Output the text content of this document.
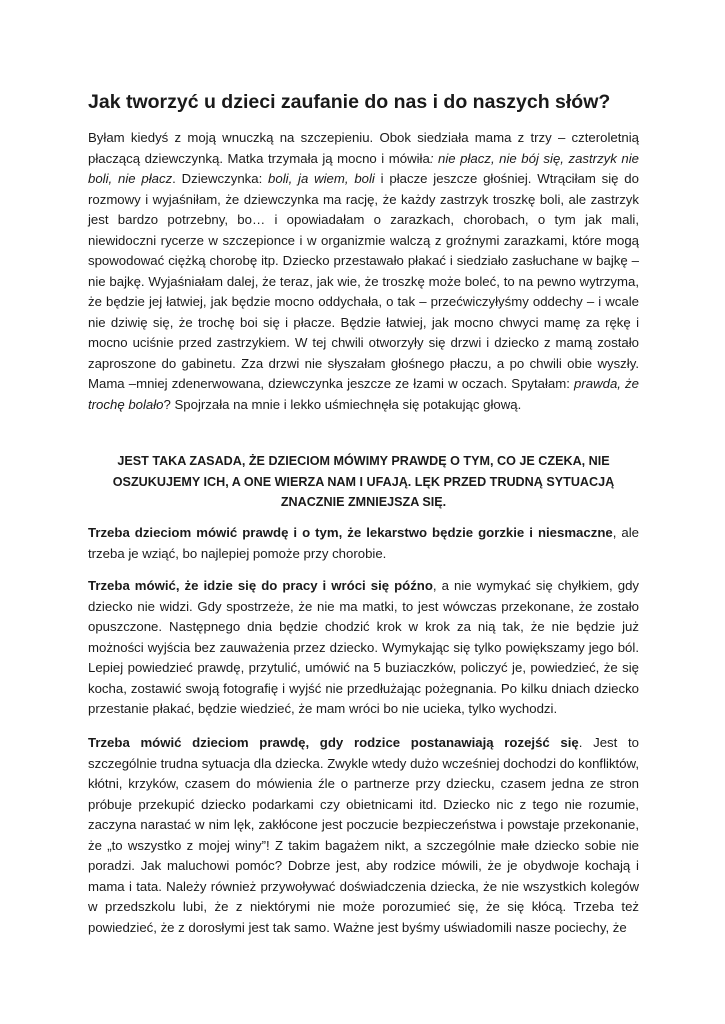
Jak tworzyć u dzieci zaufanie do nas i do naszych słów?
Byłam kiedyś z moją wnuczką na szczepieniu. Obok siedziała mama z trzy – czteroletnią płaczącą dziewczynką. Matka trzymała ją mocno i mówiła: nie płacz, nie bój się, zastrzyk nie boli, nie płacz. Dziewczynka: boli, ja wiem, boli i płacze jeszcze głośniej. Wtrąciłam się do rozmowy i wyjaśniłam, że dziewczynka ma rację, że każdy zastrzyk troszkę boli, ale zastrzyk jest bardzo potrzebny, bo… i opowiadałam o zarazkach, chorobach, o tym jak mali, niewidoczni rycerze w szczepionce i w organizmie walczą z groźnymi zarazkami, które mogą spowodować ciężką chorobę itp. Dziecko przestawało płakać i siedziało zasłuchane w bajkę – nie bajkę. Wyjaśniałam dalej, że teraz, jak wie, że troszkę może boleć, to na pewno wytrzyma, że będzie jej łatwiej, jak będzie mocno oddychała, o tak – przećwiczyłyśmy oddechy – i wcale nie dziwię się, że trochę boi się i płacze. Będzie łatwiej, jak mocno chwyci mamę za rękę i mocno uciśnie przed zastrzykiem. W tej chwili otworzyły się drzwi i dziecko z mamą zostało zaproszone do gabinetu. Zza drzwi nie słyszałam głośnego płaczu, a po chwili obie wyszły. Mama –mniej zdenerwowana, dziewczynka jeszcze ze łzami w oczach. Spytałam: prawda, że trochę bolało? Spojrzała na mnie i lekko uśmiechnęła się potakując głową.
JEST TAKA ZASADA, ŻE DZIECIOM MÓWIMY PRAWDĘ O TYM, CO JE CZEKA, NIE OSZUKUJEMY ICH, A ONE WIERZA NAM I UFAJĄ. LĘK PRZED TRUDNĄ SYTUACJĄ ZNACZNIE ZMNIEJSZA SIĘ.
Trzeba dzieciom mówić prawdę i o tym, że lekarstwo będzie gorzkie i niesmaczne, ale trzeba je wziąć, bo najlepiej pomoże przy chorobie.
Trzeba mówić, że idzie się do pracy i wróci się późno, a nie wymykać się chyłkiem, gdy dziecko nie widzi. Gdy spostrzeże, że nie ma matki, to jest wówczas przekonane, że zostało opuszczone. Następnego dnia będzie chodzić krok w krok za nią tak, że nie będzie już możności wyjścia bez zauważenia przez dziecko. Wymykając się tylko powiększamy jego ból. Lepiej powiedzieć prawdę, przytulić, umówić na 5 buziaczków, policzyć je, powiedzieć, że się kocha, zostawić swoją fotografię i wyjść nie przedłużając pożegnania. Po kilku dniach dziecko przestanie płakać, będzie wiedzieć, że mam wróci bo nie ucieka, tylko wychodzi.
Trzeba mówić dzieciom prawdę, gdy rodzice postanawiają rozejść się. Jest to szczególnie trudna sytuacja dla dziecka. Zwykle wtedy dużo wcześniej dochodzi do konfliktów, kłótni, krzyków, czasem do mówienia źle o partnerze przy dziecku, czasem jedna ze stron próbuje przekupić dziecko podarkami czy obietnicami itd. Dziecko nic z tego nie rozumie, zaczyna narastać w nim lęk, zakłócone jest poczucie bezpieczeństwa i powstaje przekonanie, że „to wszystko z mojej winy”! Z takim bagażem nikt, a szczególnie małe dziecko sobie nie poradzi. Jak maluchowi pomóc? Dobrze jest, aby rodzice mówili, że je obydwoje kochają i mama i tata. Należy również przywoływać doświadczenia dziecka, że nie wszystkich kolegów w przedszkolu lubi, że z niektórymi nie może porozumieć się, że się kłócą. Trzeba też powiedzieć, że z dorosłymi jest tak samo. Ważne jest byśmy uświadomili nasze pociechy, że
